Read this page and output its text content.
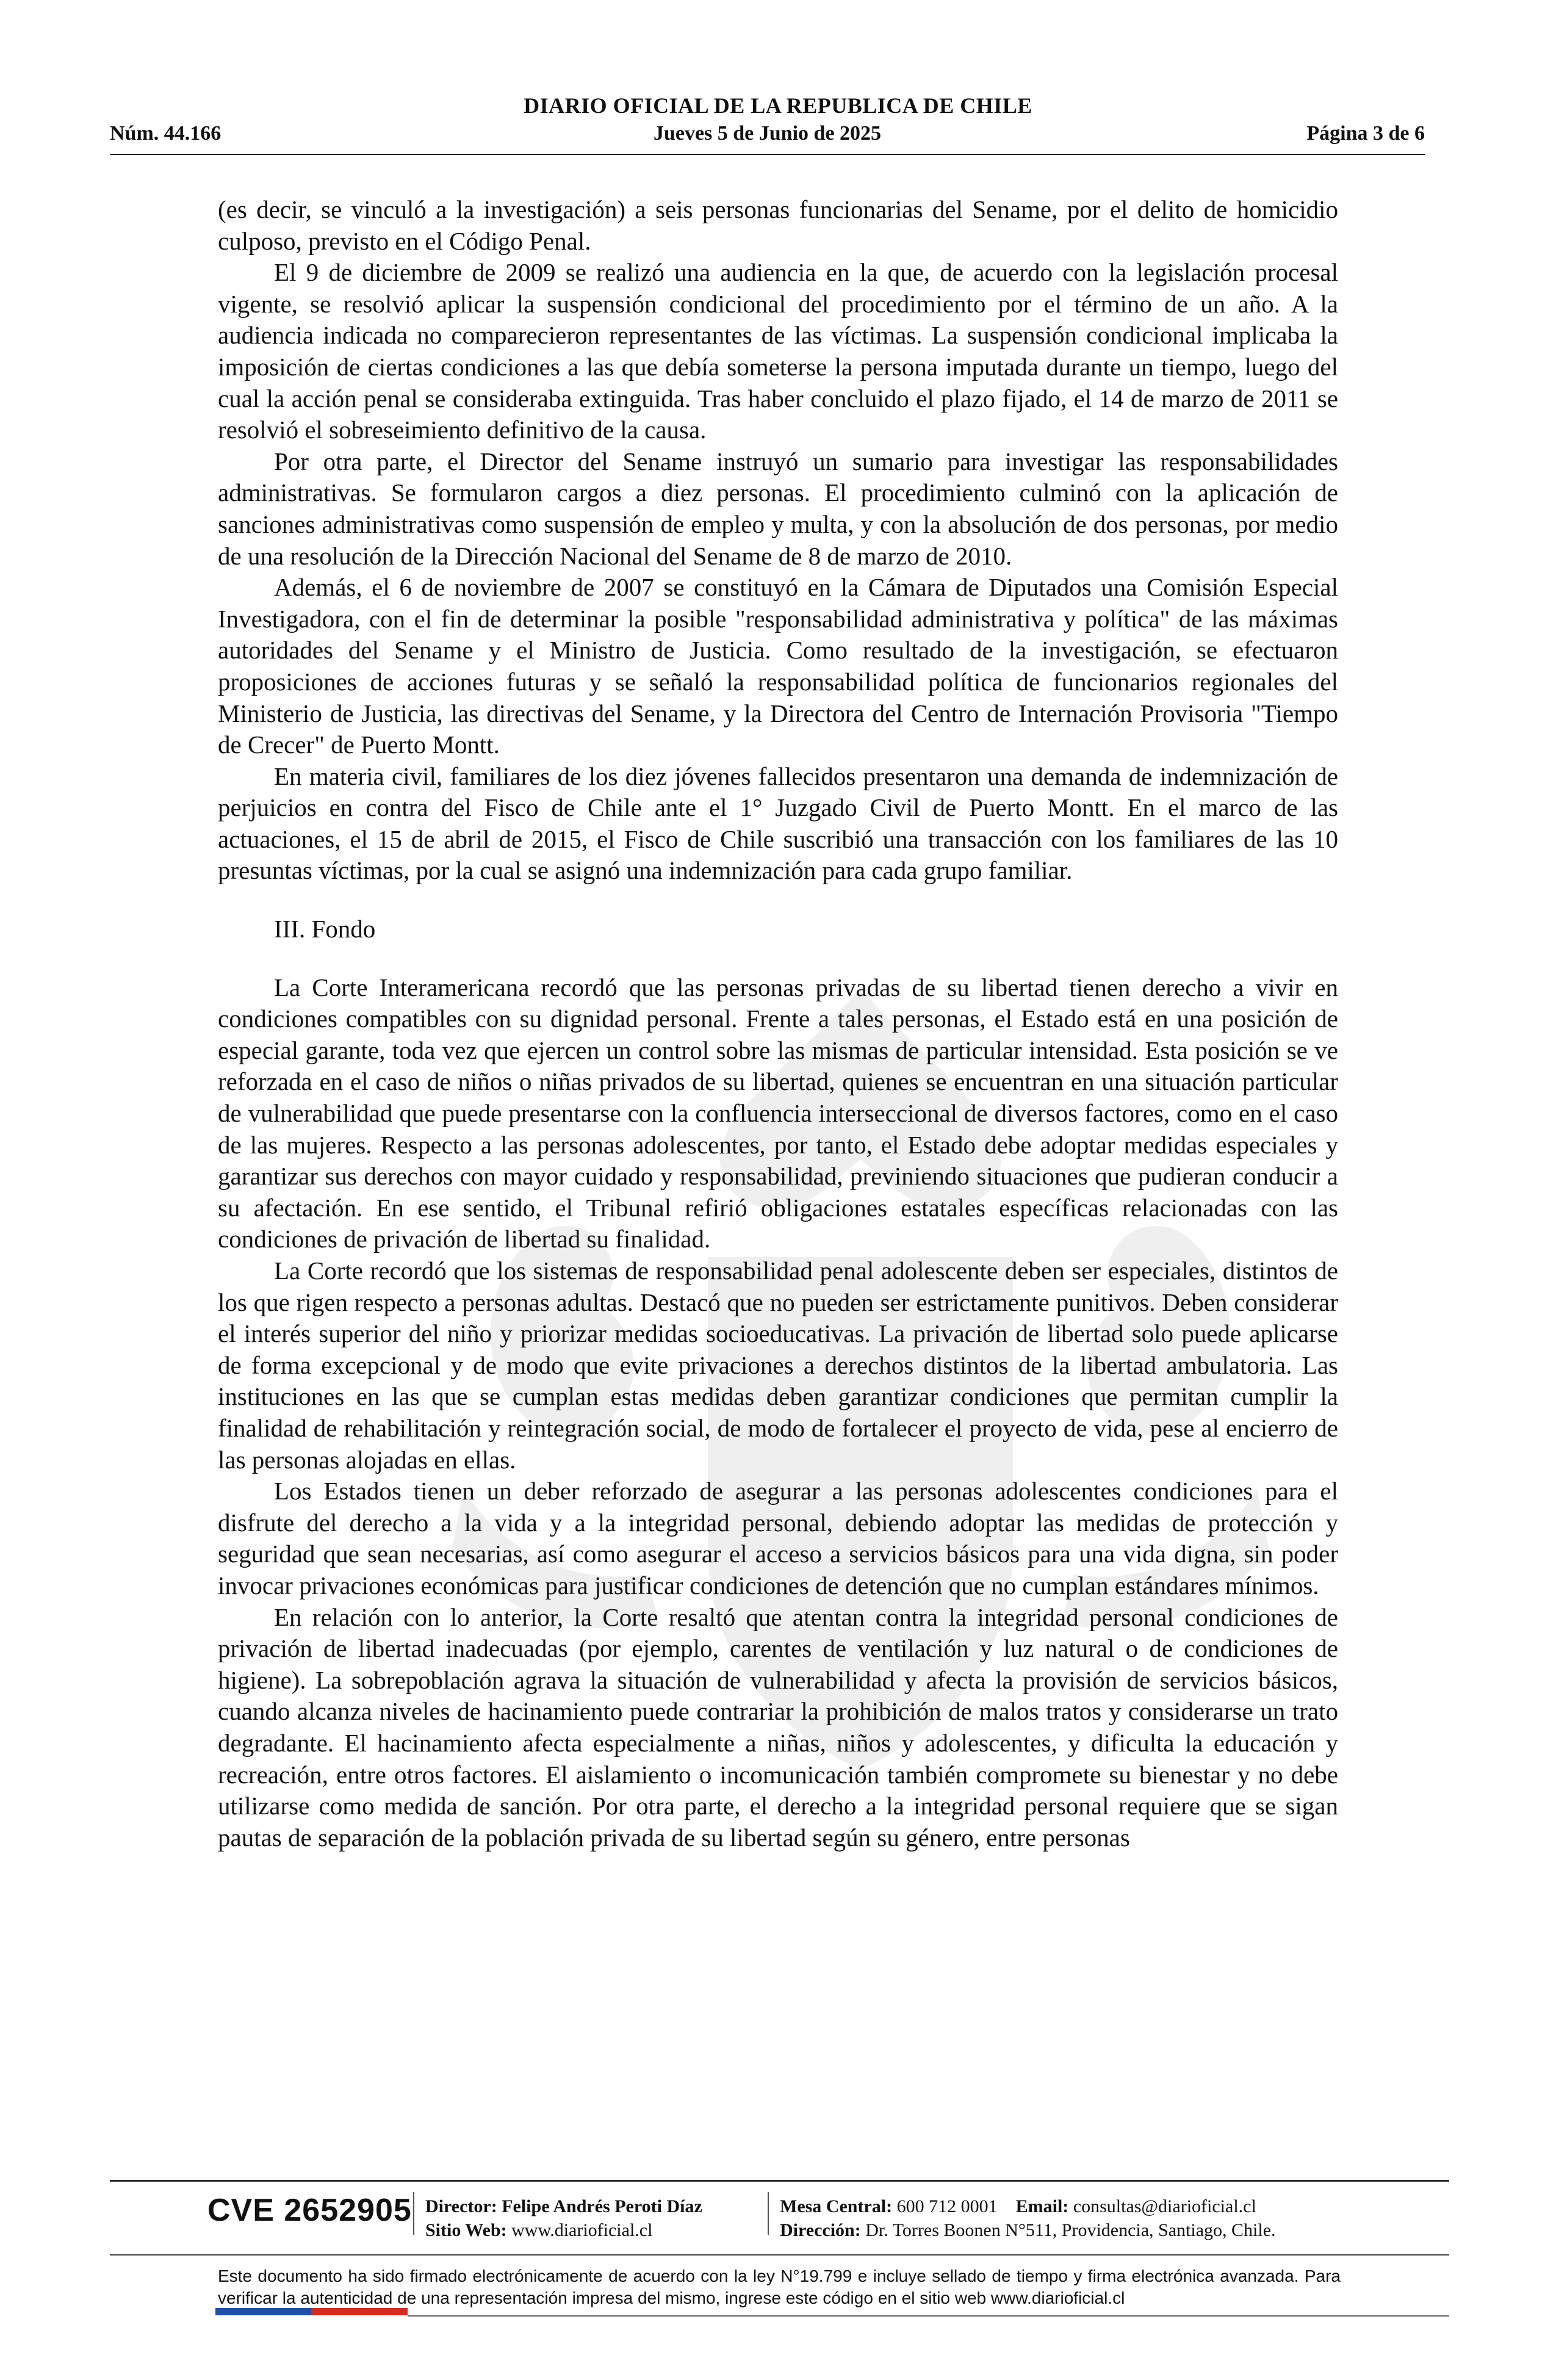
DIARIO OFICIAL DE LA REPUBLICA DE CHILE
Núm. 44.166	Jueves 5 de Junio de 2025	Página 3 de 6

(es decir, se vinculó a la investigación) a seis personas funcionarias del Sename, por el delito de homicidio culposo, previsto en el Código Penal.

El 9 de diciembre de 2009 se realizó una audiencia en la que, de acuerdo con la legislación procesal vigente, se resolvió aplicar la suspensión condicional del procedimiento por el término de un año. A la audiencia indicada no comparecieron representantes de las víctimas. La suspensión condicional implicaba la imposición de ciertas condiciones a las que debía someterse la persona imputada durante un tiempo, luego del cual la acción penal se consideraba extinguida. Tras haber concluido el plazo fijado, el 14 de marzo de 2011 se resolvió el sobreseimiento definitivo de la causa.

Por otra parte, el Director del Sename instruyó un sumario para investigar las responsabilidades administrativas. Se formularon cargos a diez personas. El procedimiento culminó con la aplicación de sanciones administrativas como suspensión de empleo y multa, y con la absolución de dos personas, por medio de una resolución de la Dirección Nacional del Sename de 8 de marzo de 2010.

Además, el 6 de noviembre de 2007 se constituyó en la Cámara de Diputados una Comisión Especial Investigadora, con el fin de determinar la posible "responsabilidad administrativa y política" de las máximas autoridades del Sename y el Ministro de Justicia. Como resultado de la investigación, se efectuaron proposiciones de acciones futuras y se señaló la responsabilidad política de funcionarios regionales del Ministerio de Justicia, las directivas del Sename, y la Directora del Centro de Internación Provisoria "Tiempo de Crecer" de Puerto Montt.

En materia civil, familiares de los diez jóvenes fallecidos presentaron una demanda de indemnización de perjuicios en contra del Fisco de Chile ante el 1° Juzgado Civil de Puerto Montt. En el marco de las actuaciones, el 15 de abril de 2015, el Fisco de Chile suscribió una transacción con los familiares de las 10 presuntas víctimas, por la cual se asignó una indemnización para cada grupo familiar.

III. Fondo

La Corte Interamericana recordó que las personas privadas de su libertad tienen derecho a vivir en condiciones compatibles con su dignidad personal. Frente a tales personas, el Estado está en una posición de especial garante, toda vez que ejercen un control sobre las mismas de particular intensidad. Esta posición se ve reforzada en el caso de niños o niñas privados de su libertad, quienes se encuentran en una situación particular de vulnerabilidad que puede presentarse con la confluencia interseccional de diversos factores, como en el caso de las mujeres. Respecto a las personas adolescentes, por tanto, el Estado debe adoptar medidas especiales y garantizar sus derechos con mayor cuidado y responsabilidad, previniendo situaciones que pudieran conducir a su afectación. En ese sentido, el Tribunal refirió obligaciones estatales específicas relacionadas con las condiciones de privación de libertad su finalidad.

La Corte recordó que los sistemas de responsabilidad penal adolescente deben ser especiales, distintos de los que rigen respecto a personas adultas. Destacó que no pueden ser estrictamente punitivos. Deben considerar el interés superior del niño y priorizar medidas socioeducativas. La privación de libertad solo puede aplicarse de forma excepcional y de modo que evite privaciones a derechos distintos de la libertad ambulatoria. Las instituciones en las que se cumplan estas medidas deben garantizar condiciones que permitan cumplir la finalidad de rehabilitación y reintegración social, de modo de fortalecer el proyecto de vida, pese al encierro de las personas alojadas en ellas.

Los Estados tienen un deber reforzado de asegurar a las personas adolescentes condiciones para el disfrute del derecho a la vida y a la integridad personal, debiendo adoptar las medidas de protección y seguridad que sean necesarias, así como asegurar el acceso a servicios básicos para una vida digna, sin poder invocar privaciones económicas para justificar condiciones de detención que no cumplan estándares mínimos.

En relación con lo anterior, la Corte resaltó que atentan contra la integridad personal condiciones de privación de libertad inadecuadas (por ejemplo, carentes de ventilación y luz natural o de condiciones de higiene). La sobrepoblación agrava la situación de vulnerabilidad y afecta la provisión de servicios básicos, cuando alcanza niveles de hacinamiento puede contrariar la prohibición de malos tratos y considerarse un trato degradante. El hacinamiento afecta especialmente a niñas, niños y adolescentes, y dificulta la educación y recreación, entre otros factores. El aislamiento o incomunicación también compromete su bienestar y no debe utilizarse como medida de sanción. Por otra parte, el derecho a la integridad personal requiere que se sigan pautas de separación de la población privada de su libertad según su género, entre personas

CVE 2652905 Director: Felipe Andrés Peroti Díaz
Sitio Web: www.diarioficial.cl
Mesa Central: 600 712 0001 Email: consultas@diarioficial.cl
Dirección: Dr. Torres Boonen N°511, Providencia, Santiago, Chile.
Este documento ha sido firmado electrónicamente de acuerdo con la ley N°19.799 e incluye sellado de tiempo y firma electrónica avanzada. Para verificar la autenticidad de una representación impresa del mismo, ingrese este código en el sitio web www.diarioficial.cl
